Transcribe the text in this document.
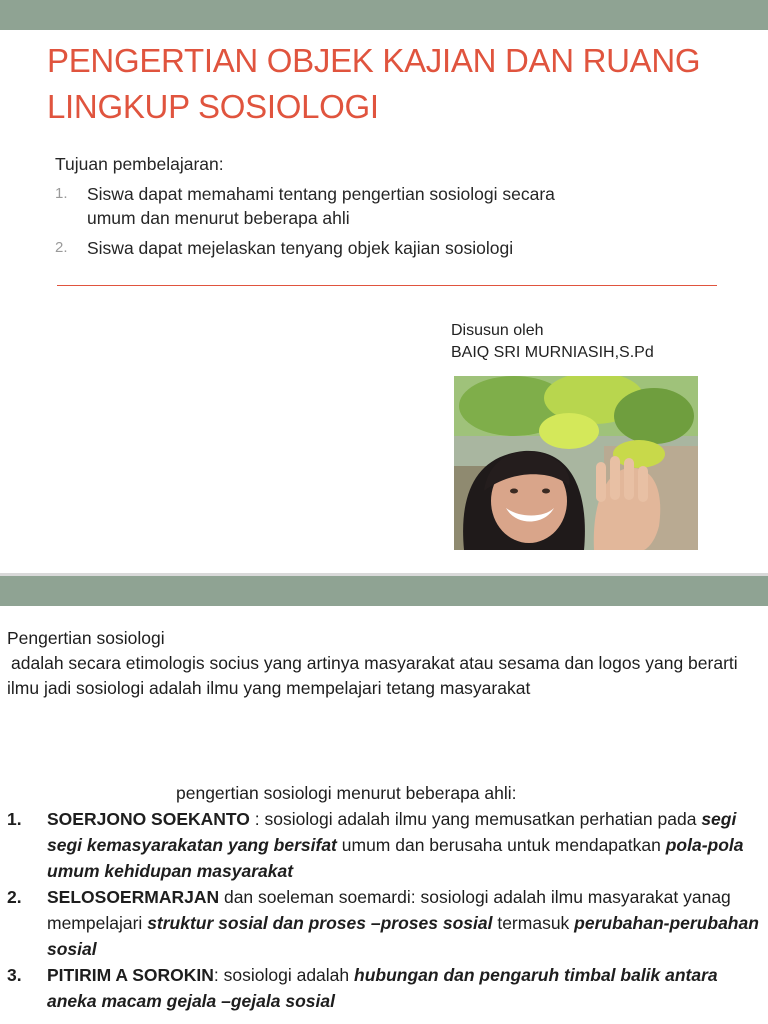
PENGERTIAN OBJEK KAJIAN DAN RUANG LINGKUP SOSIOLOGI

Tujuan pembelajaran:

1. Siswa dapat memahami tentang pengertian sosiologi secara umum dan menurut beberapa ahli
2. Siswa dapat mejelaskan tenyang objek kajian sosiologi
Disusun oleh
BAIQ SRI MURNIASIH,S.Pd

Pengertian sosiologi

adalah secara etimologis socius yang artinya masyarakat atau sesama dan logos yang berarti ilmu jadi sosiologi adalah ilmu yang mempelajari tetang masyarakat

pengertian sosiologi menurut beberapa ahli:
1. SOERJONO SOEKANTO : sosiologi adalah ilmu yang memusatkan perhatian pada segi segi kemasyarakatan yang bersifat umum dan berusaha untuk mendapatkan pola-pola umum kehidupan masyarakat
2. SELOSOERMARJAN dan soeleman soemardi: sosiologi adalah ilmu masyarakat yanag mempelajari struktur sosial dan proses –proses sosial termasuk perubahan-perubahan sosial
3. PITIRIM A SOROKIN: sosiologi adalah hubungan dan pengaruh timbal balik antara aneka macam gejala –gejala sosial
